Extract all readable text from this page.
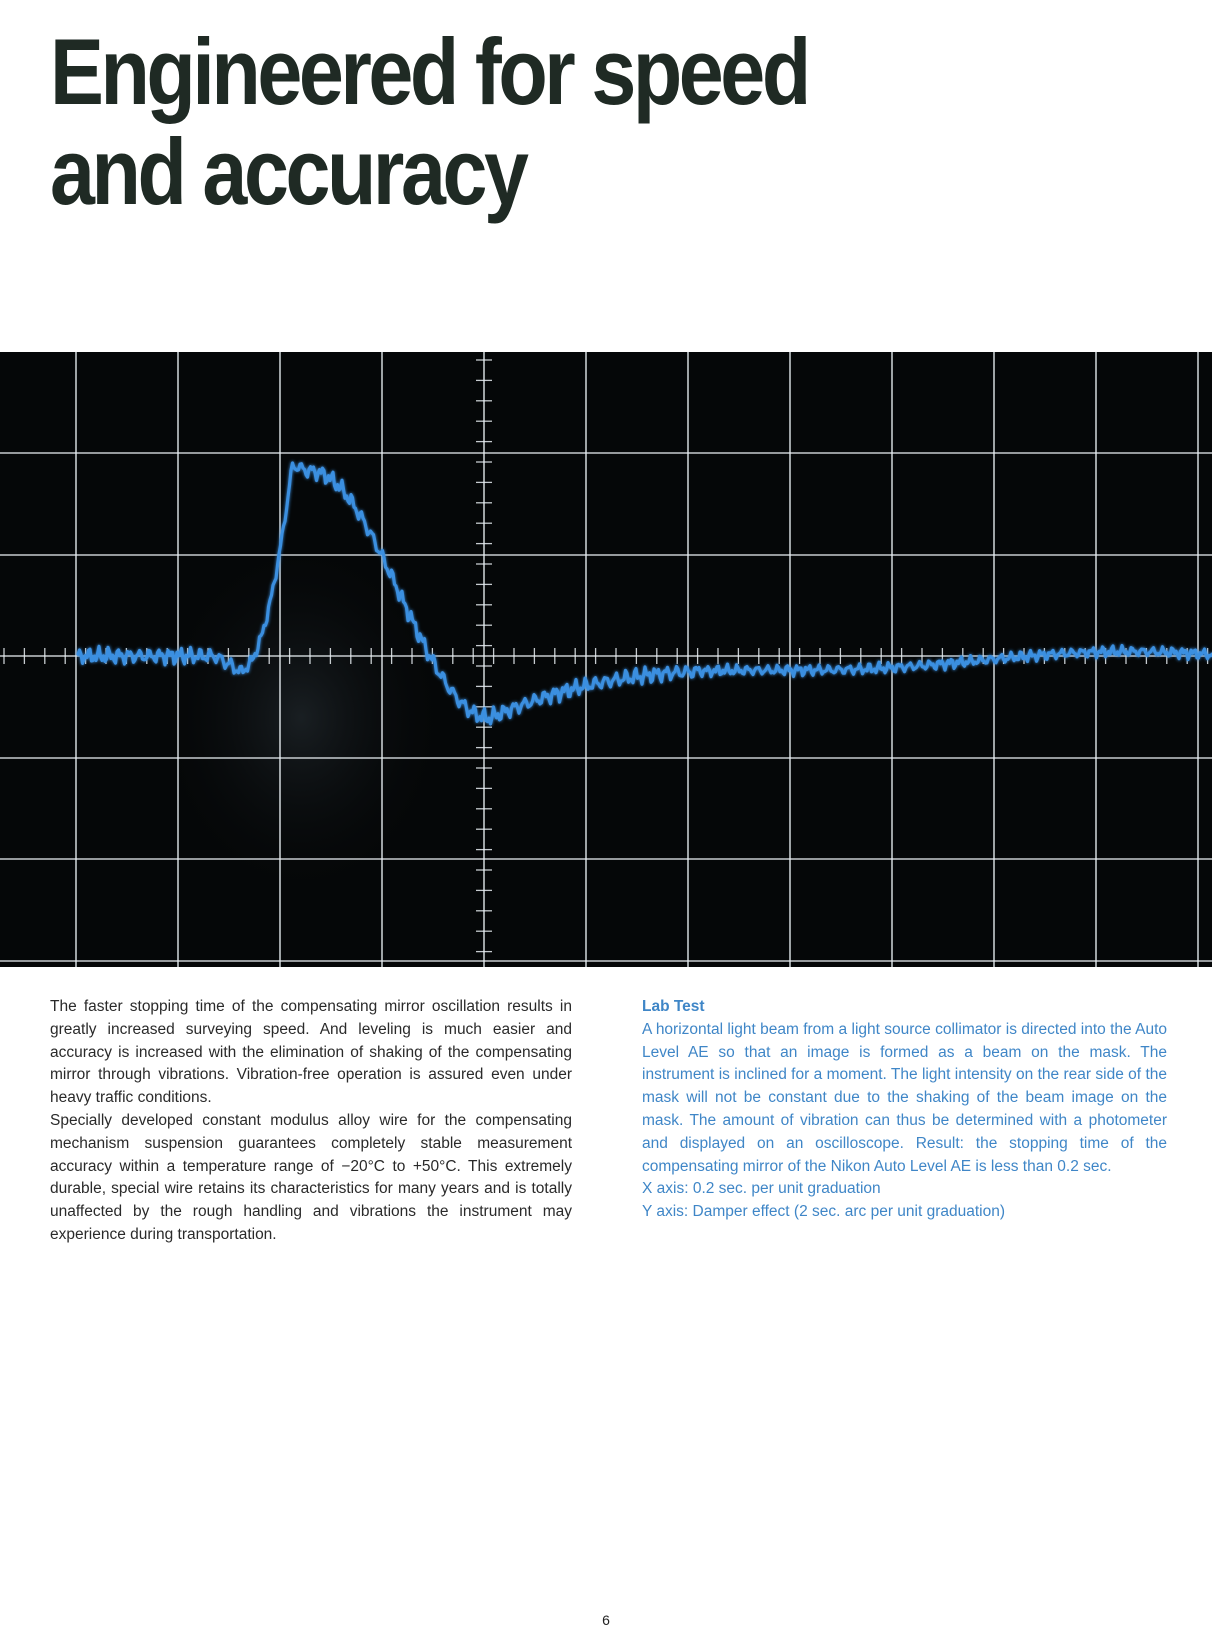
Engineered for speed
and accuracy

The faster stopping time of the compensating mirror oscillation results in greatly increased surveying speed. And leveling is much easier and accuracy is increased with the elimination of shaking of the compensating mirror through vibrations. Vibration-free operation is assured even under heavy traffic conditions.

Specially developed constant modulus alloy wire for the compensating mechanism suspension guarantees completely stable measurement accuracy within a temperature range of −20°C to +50°C. This extremely durable, special wire retains its characteristics for many years and is totally unaffected by the rough handling and vibrations the instrument may experience during transportation.

Lab Test

A horizontal light beam from a light source collimator is directed into the Auto Level AE so that an image is formed as a beam on the mask. The instrument is inclined for a moment. The light intensity on the rear side of the mask will not be constant due to the shaking of the beam image on the mask. The amount of vibration can thus be determined with a photometer and displayed on an oscilloscope. Result: the stopping time of the compensating mirror of the Nikon Auto Level AE is less than 0.2 sec.

X axis: 0.2 sec. per unit graduation

Y axis: Damper effect (2 sec. arc per unit graduation)

6
